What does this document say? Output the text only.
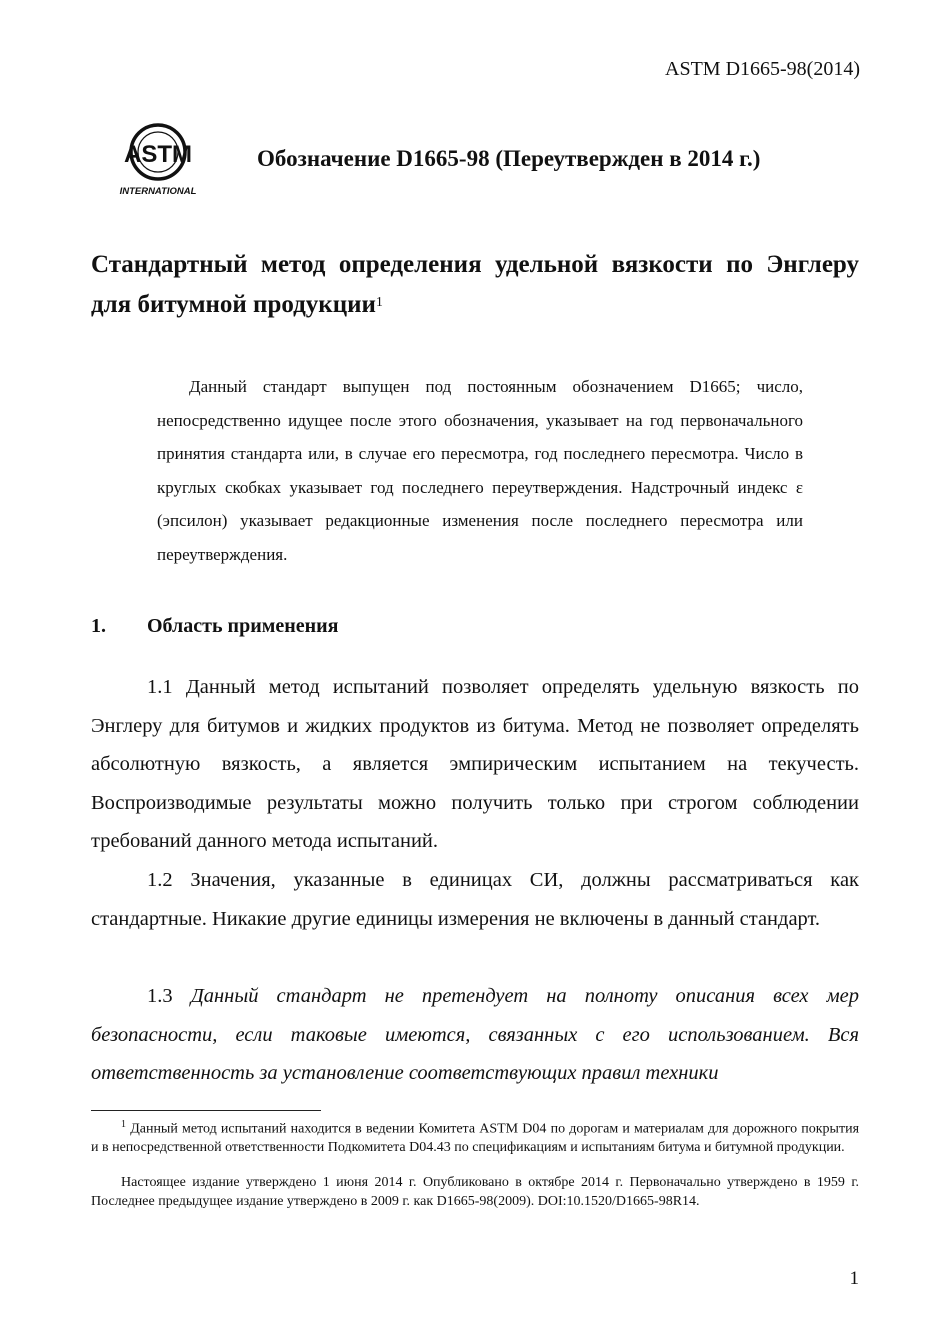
ASTM D1665-98(2014)
ASTM
INTERNATIONAL
Обозначение D1665-98 (Переутвержден в 2014 г.)
Стандартный метод определения удельной вязкости по Энглеру для битумной продукции$^1$
Данный стандарт выпущен под постоянным обозначением D1665; число, непосредственно идущее после этого обозначения, указывает на год первоначального принятия стандарта или, в случае его пересмотра, год последнего пересмотра. Число в круглых скобках указывает год последнего переутверждения. Надстрочный индекс ε (эпсилон) указывает редакционные изменения после последнего пересмотра или переутверждения.
1. Область применения
1.1 Данный метод испытаний позволяет определять удельную вязкость по Энглеру для битумов и жидких продуктов из битума. Метод не позволяет определять абсолютную вязкость, а является эмпирическим испытанием на текучесть. Воспроизводимые результаты можно получить только при строгом соблюдении требований данного метода испытаний.
1.2 Значения, указанные в единицах СИ, должны рассматриваться как стандартные. Никакие другие единицы измерения не включены в данный стандарт.
1.3 Данный стандарт не претендует на полноту описания всех мер безопасности, если таковые имеются, связанных с его использованием. Вся ответственность за установление соответствующих правил техники
$^1$ Данный метод испытаний находится в ведении Комитета ASTM D04 по дорогам и материалам для дорожного покрытия и в непосредственной ответственности Подкомитета D04.43 по спецификациям и испытаниям битума и битумной продукции.
Настоящее издание утверждено 1 июня 2014 г. Опубликовано в октябре 2014 г. Первоначально утверждено в 1959 г. Последнее предыдущее издание утверждено в 2009 г. как D1665-98(2009). DOI:10.1520/D1665-98R14.
1
